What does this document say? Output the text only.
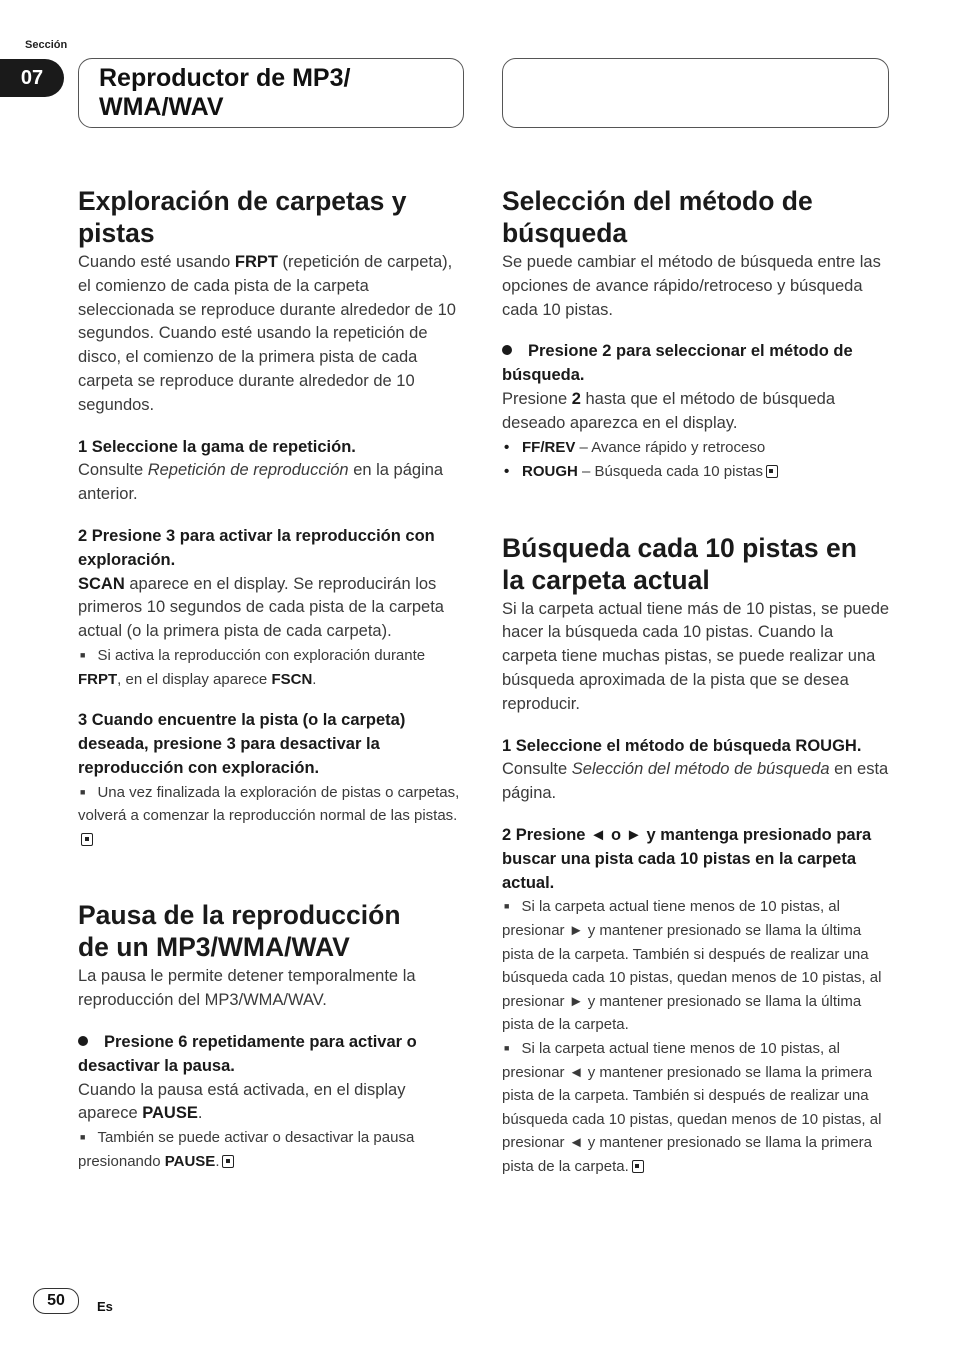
Sección
07	Reproductor de MP3/
WMA/WAV
Exploración de carpetas y
pistas

Cuando esté usando FRPT (repetición de carpeta), el comienzo de cada pista de la carpeta seleccionada se reproduce durante alrededor de 10 segundos. Cuando esté usando la repetición de disco, el comienzo de la primera pista de cada carpeta se reproduce durante alrededor de 10 segundos.

1 Seleccione la gama de repetición.

Consulte Repetición de reproducción en la página anterior.

2 Presione 3 para activar la reproducción con exploración.

SCAN aparece en el display. Se reproducirán los primeros 10 segundos de cada pista de la carpeta actual (o la primera pista de cada carpeta).

■ Si activa la reproducción con exploración durante FRPT, en el display aparece FSCN.
3 Cuando encuentre la pista (o la carpeta) deseada, presione 3 para desactivar la reproducción con exploración.
■ Una vez finalizada la exploración de pistas o carpetas, volverá a comenzar la reproducción normal de las pistas.
Pausa de la reproducción
de un MP3/WMA/WAV

La pausa le permite detener temporalmente la reproducción del MP3/WMA/WAV.

Presione 6 repetidamente para activar o desactivar la pausa.

Cuando la pausa está activada, en el display aparece PAUSE.

■ También se puede activar o desactivar la pausa presionando PAUSE.
Selección del método de
búsqueda

Se puede cambiar el método de búsqueda entre las opciones de avance rápido/retroceso y búsqueda cada 10 pistas.

Presione 2 para seleccionar el método de búsqueda.

Presione 2 hasta que el método de búsqueda deseado aparezca en el display.

• FF/REV – Avance rápido y retroceso
• ROUGH – Búsqueda cada 10 pistas
Búsqueda cada 10 pistas en
la carpeta actual

Si la carpeta actual tiene más de 10 pistas, se puede hacer la búsqueda cada 10 pistas. Cuando la carpeta tiene muchas pistas, se puede realizar una búsqueda aproximada de la pista que se desea reproducir.

1 Seleccione el método de búsqueda ROUGH.

Consulte Selección del método de búsqueda en esta página.

2 Presione ◄ o ► y mantenga presionado para buscar una pista cada 10 pistas en la carpeta actual.
■ Si la carpeta actual tiene menos de 10 pistas, al presionar ► y mantener presionado se llama la última pista de la carpeta. También si después de realizar una búsqueda cada 10 pistas, quedan menos de 10 pistas, al presionar ► y mantener presionado se llama la última pista de la carpeta.
■ Si la carpeta actual tiene menos de 10 pistas, al presionar ◄ y mantener presionado se llama la primera pista de la carpeta. También si después de realizar una búsqueda cada 10 pistas, quedan menos de 10 pistas, al presionar ◄ y mantener presionado se llama la primera pista de la carpeta.
50	Es
